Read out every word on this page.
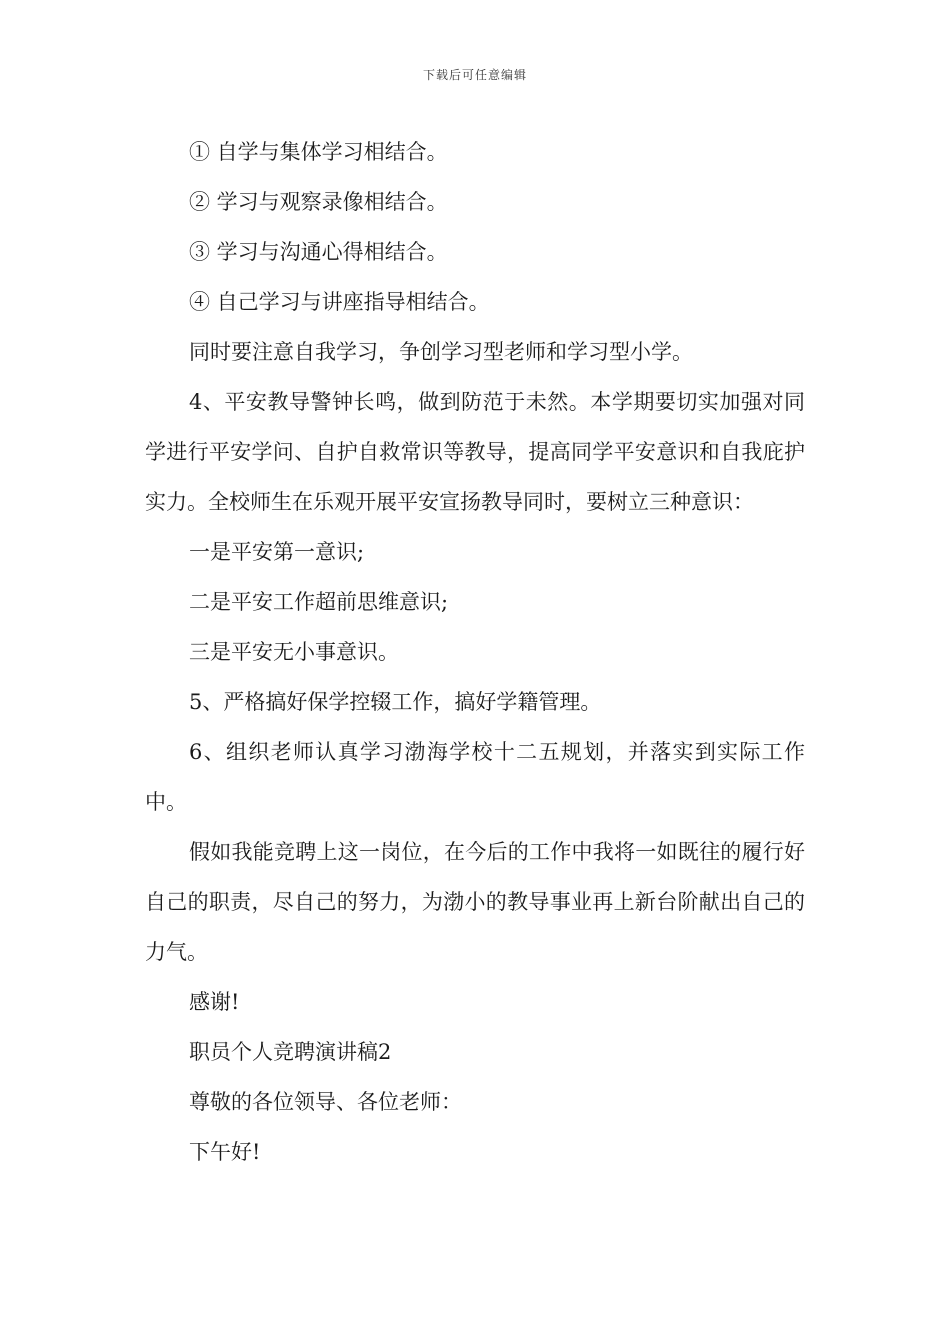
下载后可任意编辑

① 自学与集体学习相结合。

② 学习与观察录像相结合。

③ 学习与沟通心得相结合。

④ 自己学习与讲座指导相结合。

同时要注意自我学习，争创学习型老师和学习型小学。

4、平安教导警钟长鸣，做到防范于未然。本学期要切实加强对同学进行平安学问、自护自救常识等教导，提高同学平安意识和自我庇护实力。全校师生在乐观开展平安宣扬教导同时，要树立三种意识：

一是平安第一意识;

二是平安工作超前思维意识;

三是平安无小事意识。

5、严格搞好保学控辍工作，搞好学籍管理。

6、组织老师认真学习渤海学校十二五规划，并落实到实际工作中。

假如我能竞聘上这一岗位，在今后的工作中我将一如既往的履行好自己的职责，尽自己的努力，为渤小的教导事业再上新台阶献出自己的力气。

感谢!

职员个人竞聘演讲稿2

尊敬的各位领导、各位老师：

下午好!
